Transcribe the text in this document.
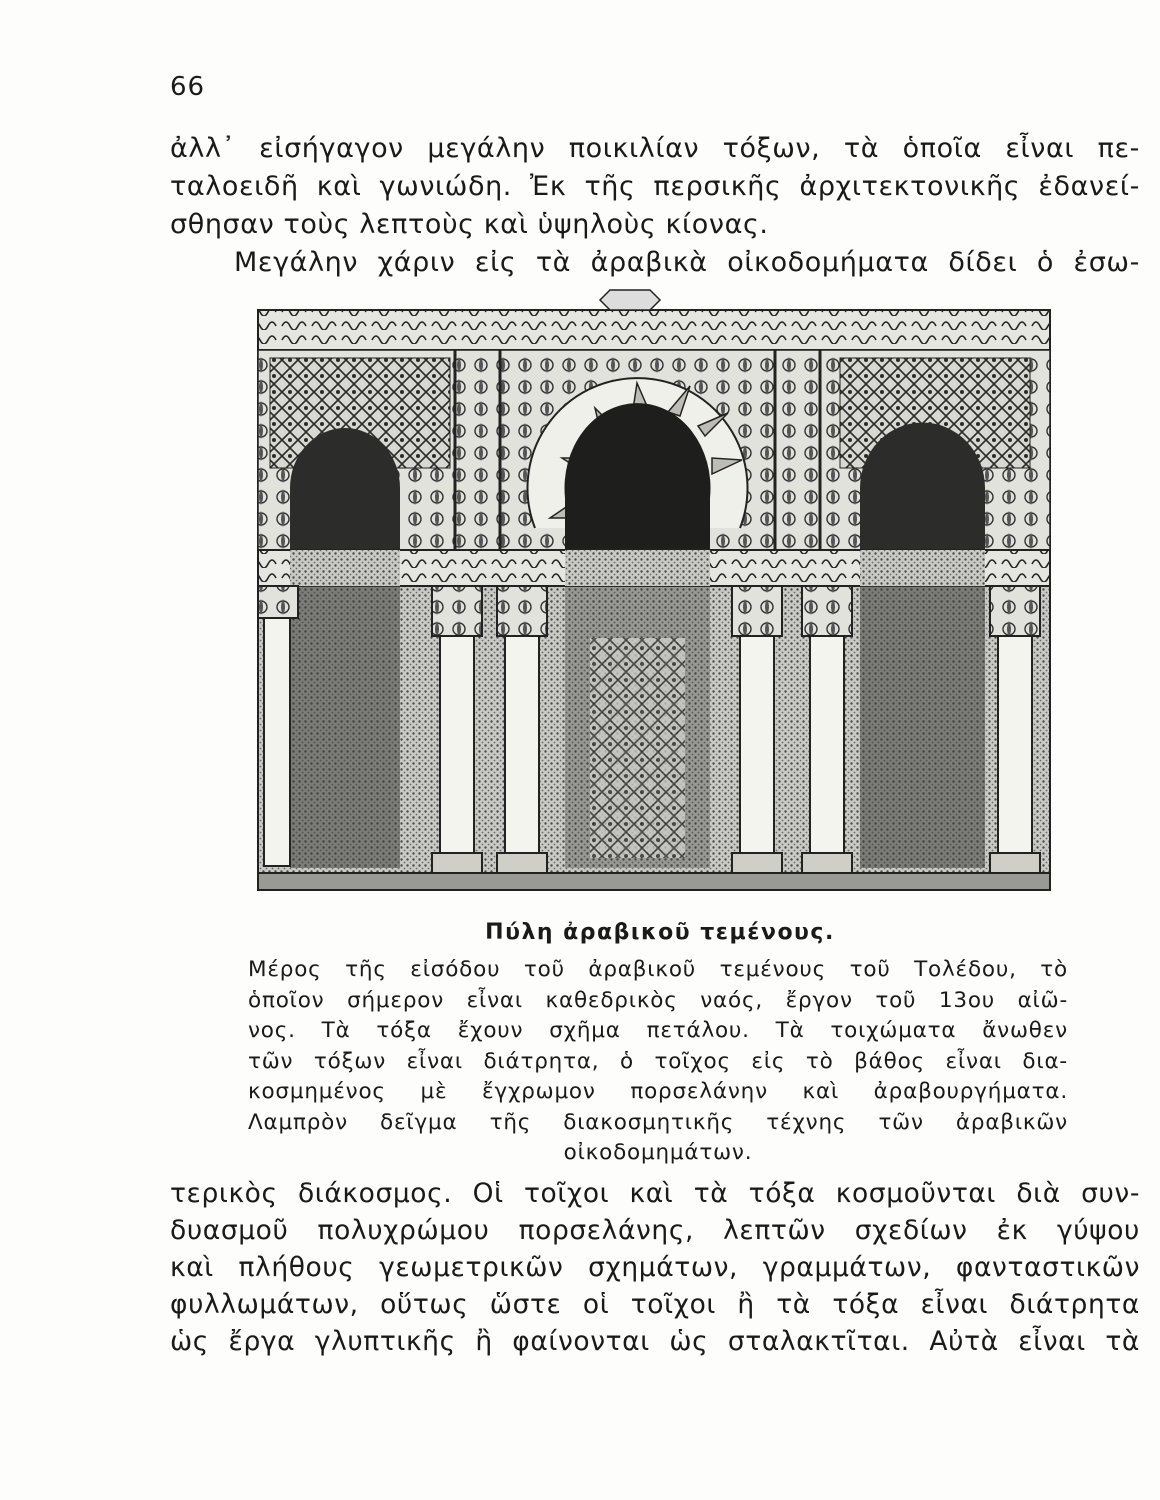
66

ἀλλ᾽ εἰσήγαγον μεγάλην ποικιλίαν τόξων, τὰ ὁποῖα εἶναι πε-
ταλοειδῆ καὶ γωνιώδη. Ἐκ τῆς περσικῆς ἀρχιτεκτονικῆς ἐδανεί-
σθησαν τοὺς λεπτοὺς καὶ ὑψηλοὺς κίονας.
Μεγάλην χάριν εἰς τὰ ἀραβικὰ οἰκοδομήματα δίδει ὁ ἐσω-

Πύλη ἀραβικοῦ τεμένους.
Μέρος τῆς εἰσόδου τοῦ ἀραβικοῦ τεμένους τοῦ Τολέδου, τὸ
ὁποῖον σήμερον εἶναι καθεδρικὸς ναός, ἔργον τοῦ 13ου αἰῶ-
νος. Τὰ τόξα ἔχουν σχῆμα πετάλου. Τὰ τοιχώματα ἄνωθεν
τῶν τόξων εἶναι διάτρητα, ὁ τοῖχος εἰς τὸ βάθος εἶναι δια-
κοσμημένος μὲ ἔγχρωμον πορσελάνην καὶ ἀραβουργήματα.
Λαμπρὸν δεῖγμα τῆς διακοσμητικῆς τέχνης τῶν ἀραβικῶν
οἰκοδομημάτων.

τερικὸς διάκοσμος. Οἱ τοῖχοι καὶ τὰ τόξα κοσμοῦνται διὰ συν-
δυασμοῦ πολυχρώμου πορσελάνης, λεπτῶν σχεδίων ἐκ γύψου
καὶ πλήθους γεωμετρικῶν σχημάτων, γραμμάτων, φανταστικῶν
φυλλωμάτων, οὕτως ὥστε οἱ τοῖχοι ἢ τὰ τόξα εἶναι διάτρητα
ὡς ἔργα γλυπτικῆς ἢ φαίνονται ὡς σταλακτῖται. Αὐτὰ εἶναι τὰ
